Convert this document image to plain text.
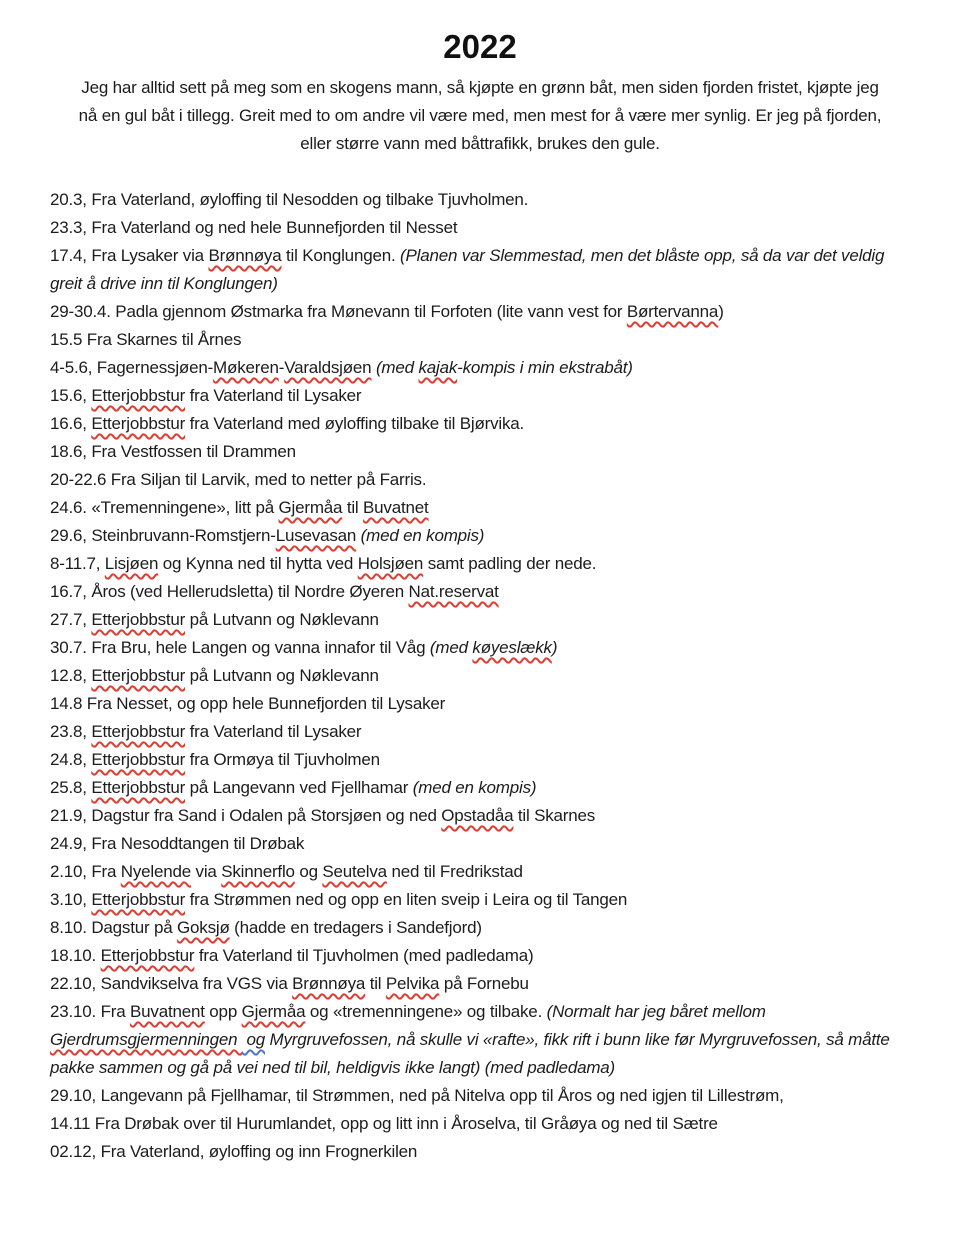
2022

Jeg har alltid sett på meg som en skogens mann, så kjøpte en grønn båt, men siden fjorden fristet, kjøpte jeg nå en gul båt i tillegg. Greit med to om andre vil være med, men mest for å være mer synlig. Er jeg på fjorden, eller større vann med båttrafikk, brukes den gule.

20.3, Fra Vaterland, øyloffing til Nesodden og tilbake Tjuvholmen.

23.3, Fra Vaterland og ned hele Bunnefjorden til Nesset

17.4, Fra Lysaker via Brønnøya til Konglungen. (Planen var Slemmestad, men det blåste opp, så da var det veldig greit å drive inn til Konglungen)

29-30.4. Padla gjennom Østmarka fra Mønevann til Forfoten (lite vann vest for Børtervanna)

15.5 Fra Skarnes til Årnes

4-5.6, Fagernessjøen-Møkeren-Varaldsjøen (med kajak-kompis i min ekstrabåt)

15.6, Etterjobbstur fra Vaterland til Lysaker

16.6, Etterjobbstur fra Vaterland med øyloffing tilbake til Bjørvika.

18.6, Fra Vestfossen til Drammen

20-22.6 Fra Siljan til Larvik, med to netter på Farris.

24.6. «Tremenningene», litt på Gjermåa til Buvatnet

29.6, Steinbruvann-Romstjern-Lusevasan (med en kompis)

8-11.7, Lisjøen og Kynna ned til hytta ved Holsjøen samt padling der nede.

16.7, Åros (ved Hellerudsletta) til Nordre Øyeren Nat.reservat

27.7, Etterjobbstur på Lutvann og Nøklevann

30.7. Fra Bru, hele Langen og vanna innafor til Våg (med køyeslækk)

12.8, Etterjobbstur på Lutvann og Nøklevann

14.8 Fra Nesset, og opp hele Bunnefjorden til Lysaker

23.8, Etterjobbstur fra Vaterland til Lysaker

24.8, Etterjobbstur fra Ormøya til Tjuvholmen

25.8, Etterjobbstur på Langevann ved Fjellhamar (med en kompis)

21.9, Dagstur fra Sand i Odalen på Storsjøen og ned Opstadåa til Skarnes

24.9, Fra Nesoddtangen til Drøbak

2.10, Fra Nyelende via Skinnerflo og Seutelva ned til Fredrikstad

3.10, Etterjobbstur fra Strømmen ned og opp en liten sveip i Leira og til Tangen

8.10. Dagstur på Goksjø (hadde en tredagers i Sandefjord)

18.10. Etterjobbstur fra Vaterland til Tjuvholmen (med padledama)

22.10, Sandvikselva fra VGS via Brønnøya til Pelvika på Fornebu

23.10. Fra Buvatnent opp Gjermåa og «tremenningene» og tilbake. (Normalt har jeg båret mellom Gjerdrumsgjermenningen  og Myrgruvefossen, nå skulle vi «rafte», fikk rift i bunn like før Myrgruvefossen, så måtte pakke sammen og gå på vei ned til bil, heldigvis ikke langt) (med padledama)

29.10, Langevann på Fjellhamar, til Strømmen, ned på Nitelva opp til Åros og ned igjen til Lillestrøm,

14.11 Fra Drøbak over til Hurumlandet, opp og litt inn i Åroselva, til Gråøya og ned til Sætre

02.12, Fra Vaterland, øyloffing og inn Frognerkilen
